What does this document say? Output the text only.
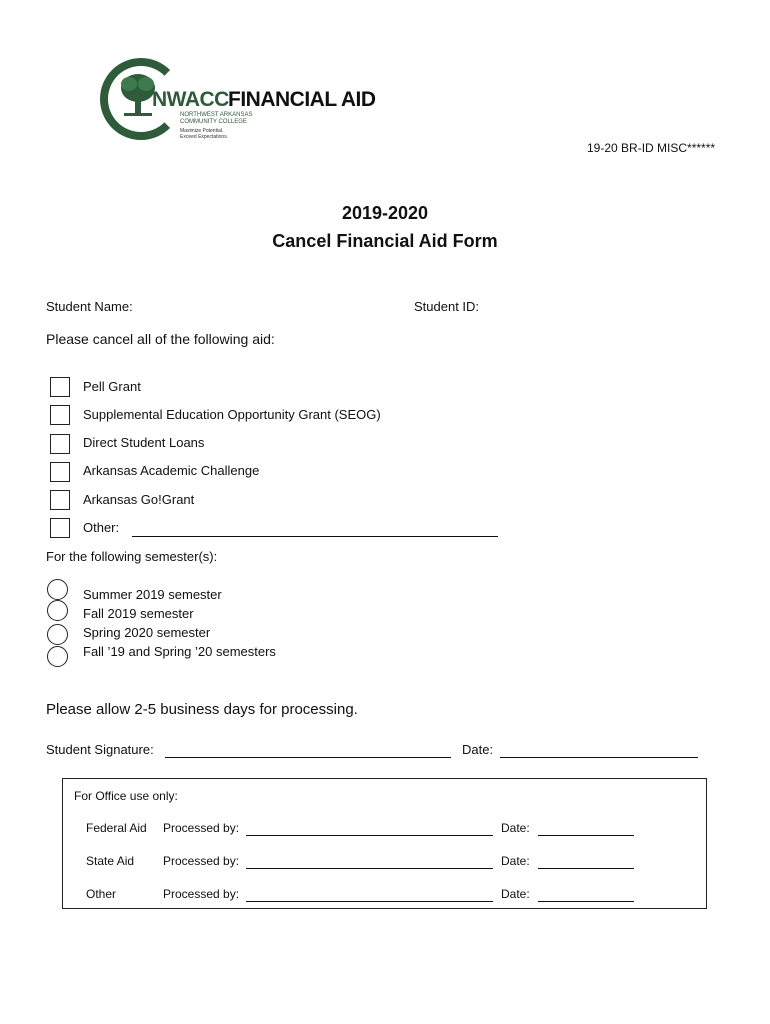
NWACC FINANCIAL AID
NORTHWEST ARKANSAS
COMMUNITY COLLEGE
Maximize Potential.
Exceed Expectations.
19-20 BR-ID MISC******
2019-2020
Cancel Financial Aid Form
Student Name:	Student ID:
Please cancel all of the following aid:
Pell Grant
Supplemental Education Opportunity Grant (SEOG)
Direct Student Loans
Arkansas Academic Challenge
Arkansas Go!Grant
Other:
For the following semester(s):
Summer 2019 semester
Fall 2019 semester
Spring 2020 semester
Fall ’19 and Spring ’20 semesters
Please allow 2-5 business days for processing.
Student Signature:	Date:
For Office use only:
Federal Aid Processed by:	Date:
State Aid Processed by:	Date:
Other	Processed by:	Date:
